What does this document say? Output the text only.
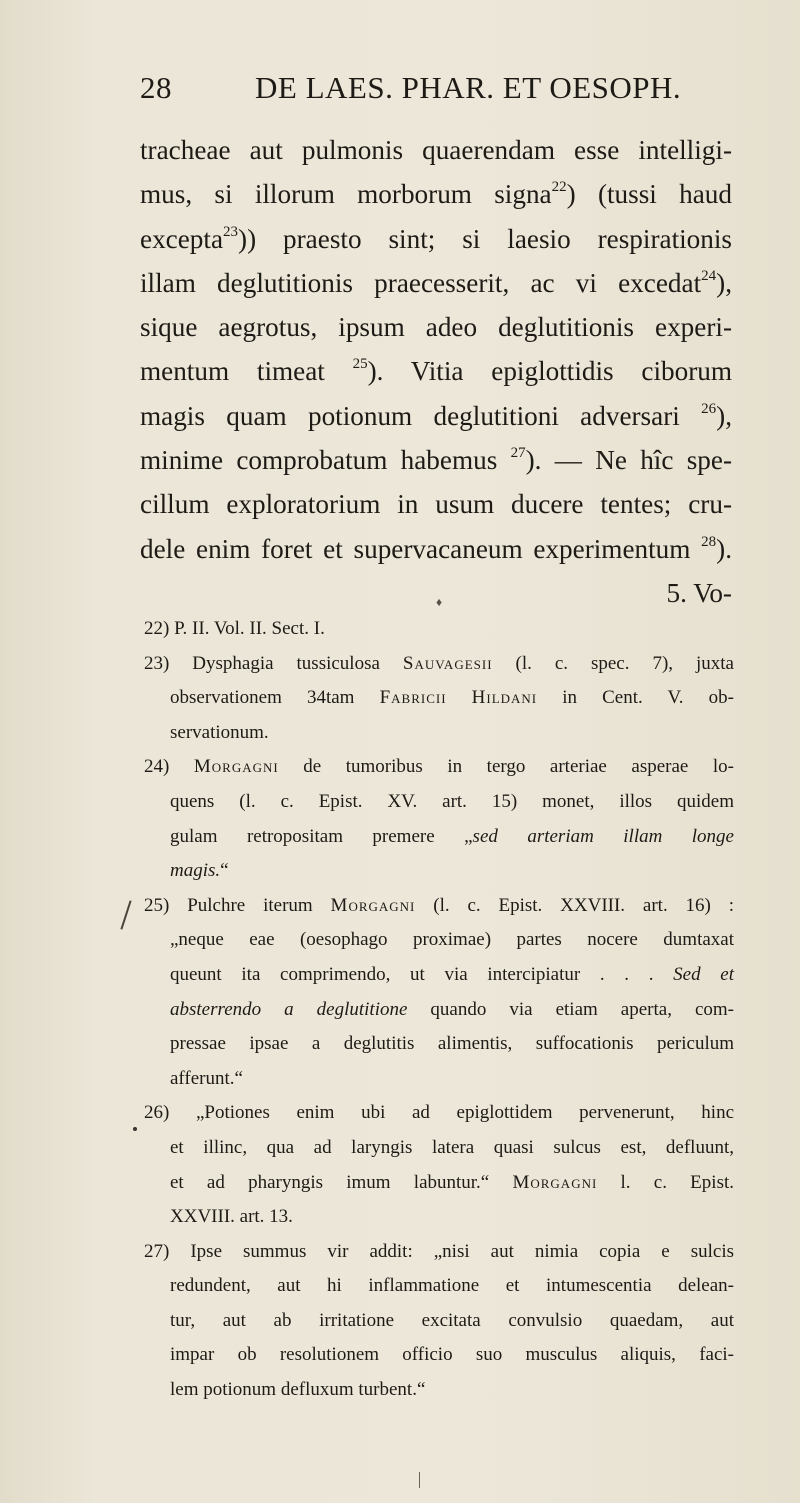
28	DE LAES. PHAR. ET OESOPH.
tracheae aut pulmonis quaerendam esse intelligi-
mus, si illorum morborum signa$^{22}$) (tussi haud
excepta$^{23}$)) praesto sint; si laesio respirationis
illam deglutitionis praecesserit, ac vi excedat$^{24}$),
sique aegrotus, ipsum adeo deglutitionis experi-
mentum timeat $^{25}$). Vitia epiglottidis ciborum
magis quam potionum deglutitioni adversari $^{26}$),
minime comprobatum habemus $^{27}$). — Ne hîc spe-
cillum exploratorium in usum ducere tentes; cru-
dele enim foret et supervacaneum experimentum $^{28}$).
5. Vo-
♦
22) P. II. Vol. II. Sect. I.
23) Dysphagia tussiculosa Sauvagesii (l. c. spec. 7), juxta
observationem 34tam Fabricii Hildani in Cent. V. ob-
servationum.
24) Morgagni de tumoribus in tergo arteriae asperae lo-
quens (l. c. Epist. XV. art. 15) monet, illos quidem
gulam retropositam premere „sed arteriam illam longe
magis.“
25) Pulchre iterum Morgagni (l. c. Epist. XXVIII. art. 16) :
„neque eae (oesophago proximae) partes nocere dumtaxat
queunt ita comprimendo, ut via intercipiatur . . . Sed et
absterrendo a deglutitione quando via etiam aperta, com-
pressae ipsae a deglutitis alimentis, suffocationis periculum
afferunt.“
26) „Potiones enim ubi ad epiglottidem pervenerunt, hinc
et illinc, qua ad laryngis latera quasi sulcus est, defluunt,
et ad pharyngis imum labuntur.“ Morgagni l. c. Epist.
XXVIII. art. 13.
27) Ipse summus vir addit: „nisi aut nimia copia e sulcis
redundent, aut hi inflammatione et intumescentia delean-
tur, aut ab irritatione excitata convulsio quaedam, aut
impar ob resolutionem officio suo musculus aliquis, faci-
lem potionum defluxum turbent.“
